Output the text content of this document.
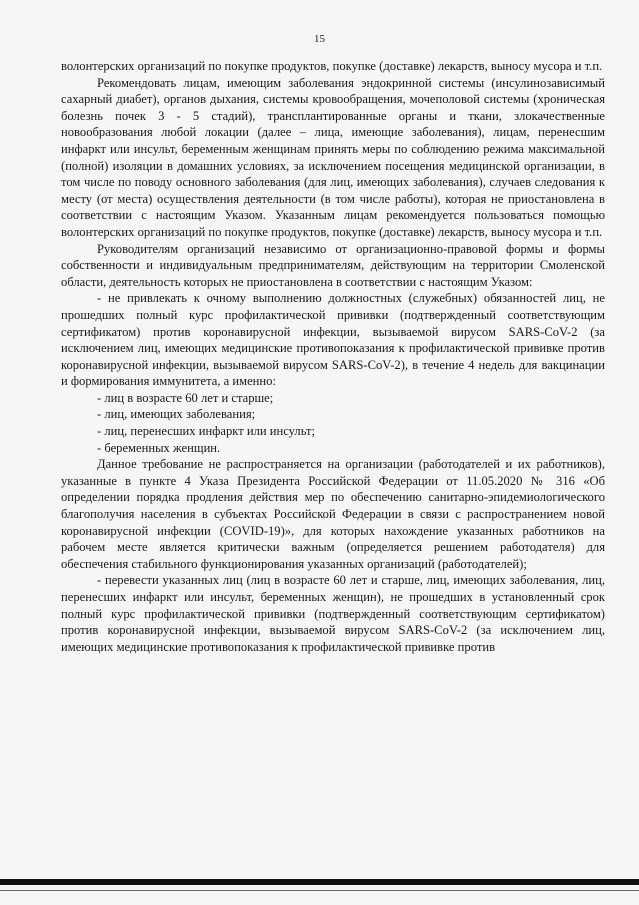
15

волонтерских организаций по покупке продуктов, покупке (доставке) лекарств, выносу мусора и т.п.

Рекомендовать лицам, имеющим заболевания эндокринной системы (инсулинозависимый сахарный диабет), органов дыхания, системы кровообращения, мочеполовой системы (хроническая болезнь почек 3 - 5 стадий), трансплантированные органы и ткани, злокачественные новообразования любой локации (далее – лица, имеющие заболевания), лицам, перенесшим инфаркт или инсульт, беременным женщинам принять меры по соблюдению режима максимальной (полной) изоляции в домашних условиях, за исключением посещения медицинской организации, в том числе по поводу основного заболевания (для лиц, имеющих заболевания), случаев следования к месту (от места) осуществления деятельности (в том числе работы), которая не приостановлена в соответствии с настоящим Указом. Указанным лицам рекомендуется пользоваться помощью волонтерских организаций по покупке продуктов, покупке (доставке) лекарств, выносу мусора и т.п.

Руководителям организаций независимо от организационно-правовой формы и формы собственности и индивидуальным предпринимателям, действующим на территории Смоленской области, деятельность которых не приостановлена в соответствии с настоящим Указом:

- не привлекать к очному выполнению должностных (служебных) обязанностей лиц, не прошедших полный курс профилактической прививки (подтвержденный соответствующим сертификатом) против коронавирусной инфекции, вызываемой вирусом SARS-CoV-2 (за исключением лиц, имеющих медицинские противопоказания к профилактической прививке против коронавирусной инфекции, вызываемой вирусом SARS-CoV-2), в течение 4 недель для вакцинации и формирования иммунитета, а именно:

- лиц в возрасте 60 лет и старше;

- лиц, имеющих заболевания;

- лиц, перенесших инфаркт или инсульт;

- беременных женщин.

Данное требование не распространяется на организации (работодателей и их работников), указанные в пункте 4 Указа Президента Российской Федерации от 11.05.2020 № 316 «Об определении порядка продления действия мер по обеспечению санитарно-эпидемиологического благополучия населения в субъектах Российской Федерации в связи с распространением новой коронавирусной инфекции (COVID-19)», для которых нахождение указанных работников на рабочем месте является критически важным (определяется решением работодателя) для обеспечения стабильного функционирования указанных организаций (работодателей);

- перевести указанных лиц (лиц в возрасте 60 лет и старше, лиц, имеющих заболевания, лиц, перенесших инфаркт или инсульт, беременных женщин), не прошедших в установленный срок полный курс профилактической прививки (подтвержденный соответствующим сертификатом) против коронавирусной инфекции, вызываемой вирусом SARS-CoV-2 (за исключением лиц, имеющих медицинские противопоказания к профилактической прививке против
